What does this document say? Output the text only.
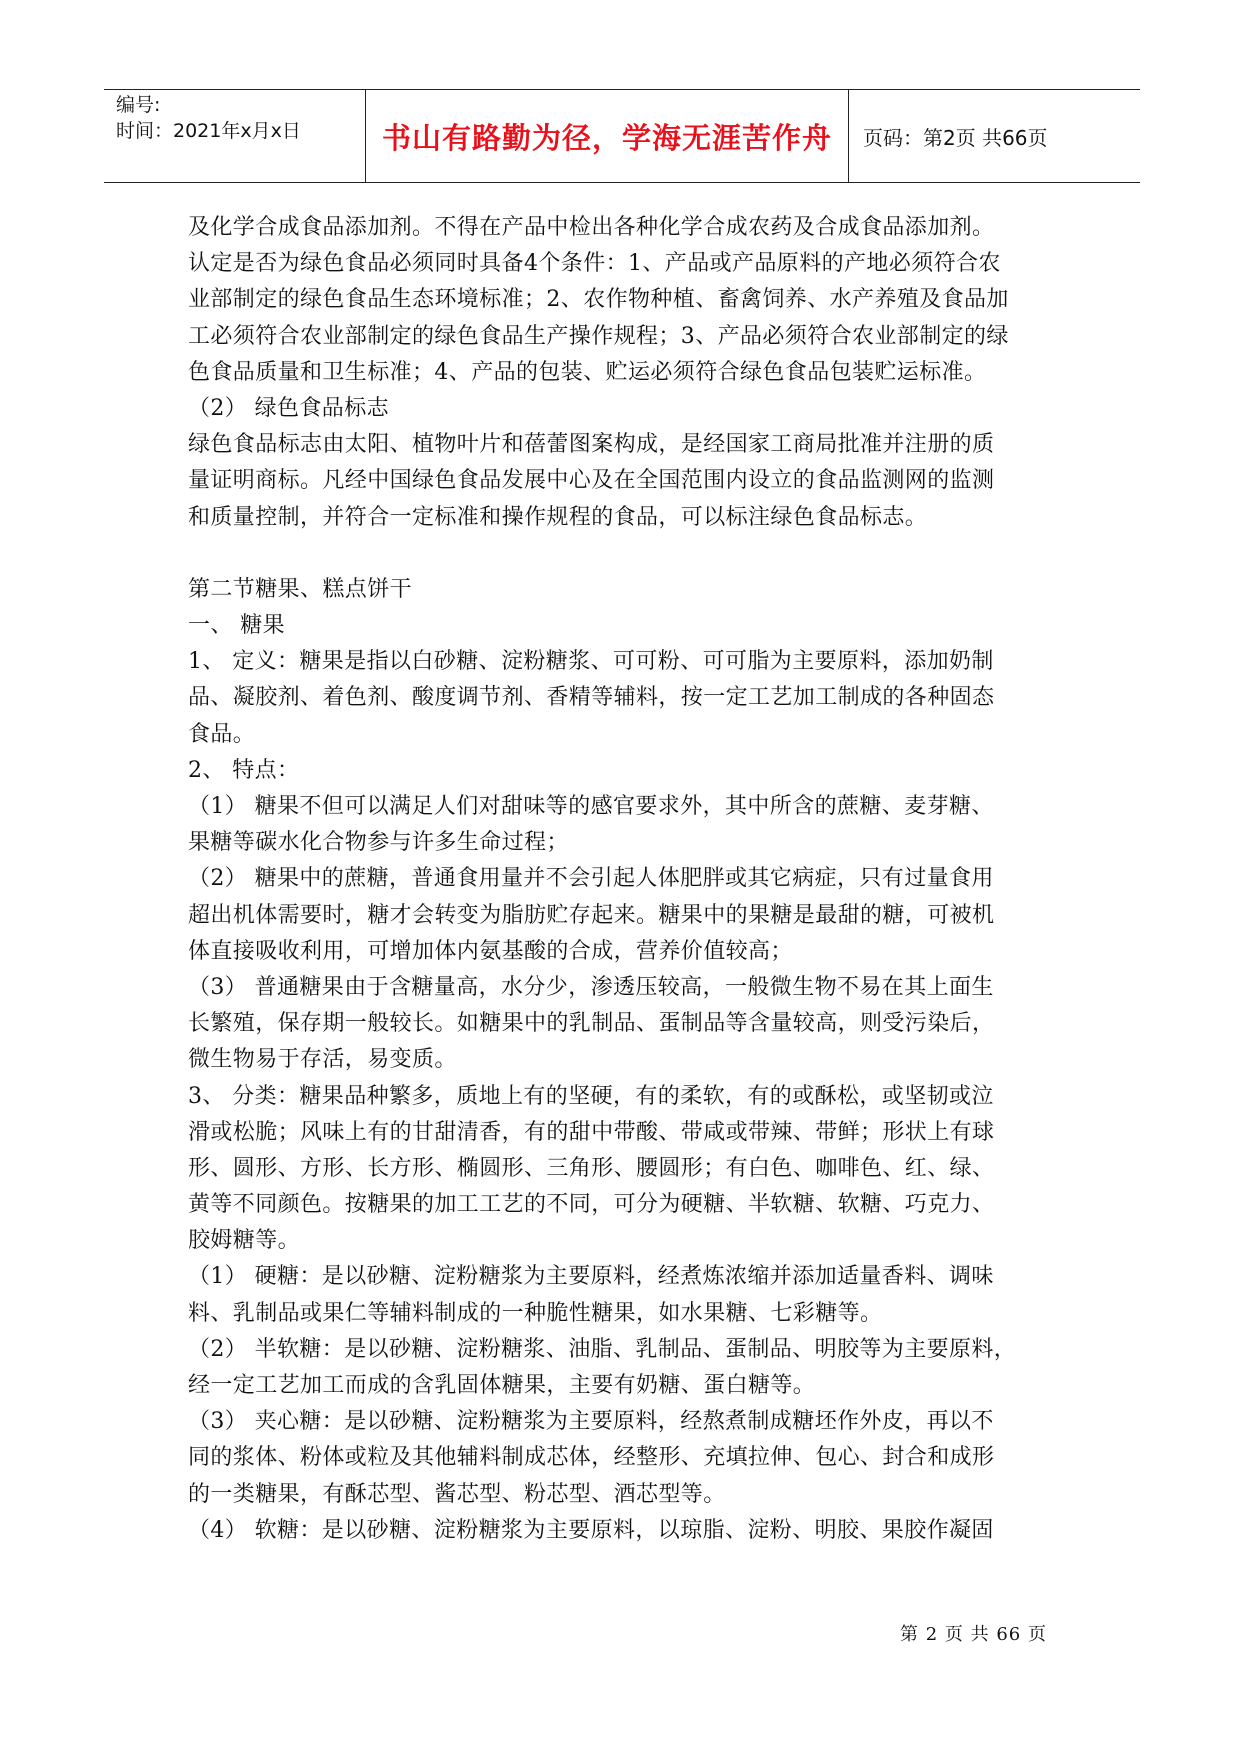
编号:
时间：2021年x月x日	书山有路勤为径，学海无涯苦作舟	页码：第2页 共66页
及化学合成食品添加剂。不得在产品中检出各种化学合成农药及合成食品添加剂。
认定是否为绿色食品必须同时具备4个条件：1、产品或产品原料的产地必须符合农
业部制定的绿色食品生态环境标准；2、农作物种植、畜禽饲养、水产养殖及食品加
工必须符合农业部制定的绿色食品生产操作规程；3、产品必须符合农业部制定的绿
色食品质量和卫生标准；4、产品的包装、贮运必须符合绿色食品包装贮运标准。
（2） 绿色食品标志
绿色食品标志由太阳、植物叶片和蓓蕾图案构成，是经国家工商局批准并注册的质
量证明商标。凡经中国绿色食品发展中心及在全国范围内设立的食品监测网的监测
和质量控制，并符合一定标准和操作规程的食品，可以标注绿色食品标志。
第二节糖果、糕点饼干
一、 糖果
1、 定义：糖果是指以白砂糖、淀粉糖浆、可可粉、可可脂为主要原料，添加奶制
品、凝胶剂、着色剂、酸度调节剂、香精等辅料，按一定工艺加工制成的各种固态
食品。
2、 特点：
（1） 糖果不但可以满足人们对甜味等的感官要求外，其中所含的蔗糖、麦芽糖、
果糖等碳水化合物参与许多生命过程；
（2） 糖果中的蔗糖，普通食用量并不会引起人体肥胖或其它病症，只有过量食用
超出机体需要时，糖才会转变为脂肪贮存起来。糖果中的果糖是最甜的糖，可被机
体直接吸收利用，可增加体内氨基酸的合成，营养价值较高；
（3） 普通糖果由于含糖量高，水分少，渗透压较高，一般微生物不易在其上面生
长繁殖，保存期一般较长。如糖果中的乳制品、蛋制品等含量较高，则受污染后，
微生物易于存活，易变质。
3、 分类：糖果品种繁多，质地上有的坚硬，有的柔软，有的或酥松，或坚韧或泣
滑或松脆；风味上有的甘甜清香，有的甜中带酸、带咸或带辣、带鲜；形状上有球
形、圆形、方形、长方形、椭圆形、三角形、腰圆形；有白色、咖啡色、红、绿、
黄等不同颜色。按糖果的加工工艺的不同，可分为硬糖、半软糖、软糖、巧克力、
胶姆糖等。
（1） 硬糖：是以砂糖、淀粉糖浆为主要原料，经煮炼浓缩并添加适量香料、调味
料、乳制品或果仁等辅料制成的一种脆性糖果，如水果糖、七彩糖等。
（2） 半软糖：是以砂糖、淀粉糖浆、油脂、乳制品、蛋制品、明胶等为主要原料，
经一定工艺加工而成的含乳固体糖果，主要有奶糖、蛋白糖等。
（3） 夹心糖：是以砂糖、淀粉糖浆为主要原料，经熬煮制成糖坯作外皮，再以不
同的浆体、粉体或粒及其他辅料制成芯体，经整形、充填拉伸、包心、封合和成形
的一类糖果，有酥芯型、酱芯型、粉芯型、酒芯型等。
（4） 软糖：是以砂糖、淀粉糖浆为主要原料，以琼脂、淀粉、明胶、果胶作凝固
第 2 页 共 66 页
